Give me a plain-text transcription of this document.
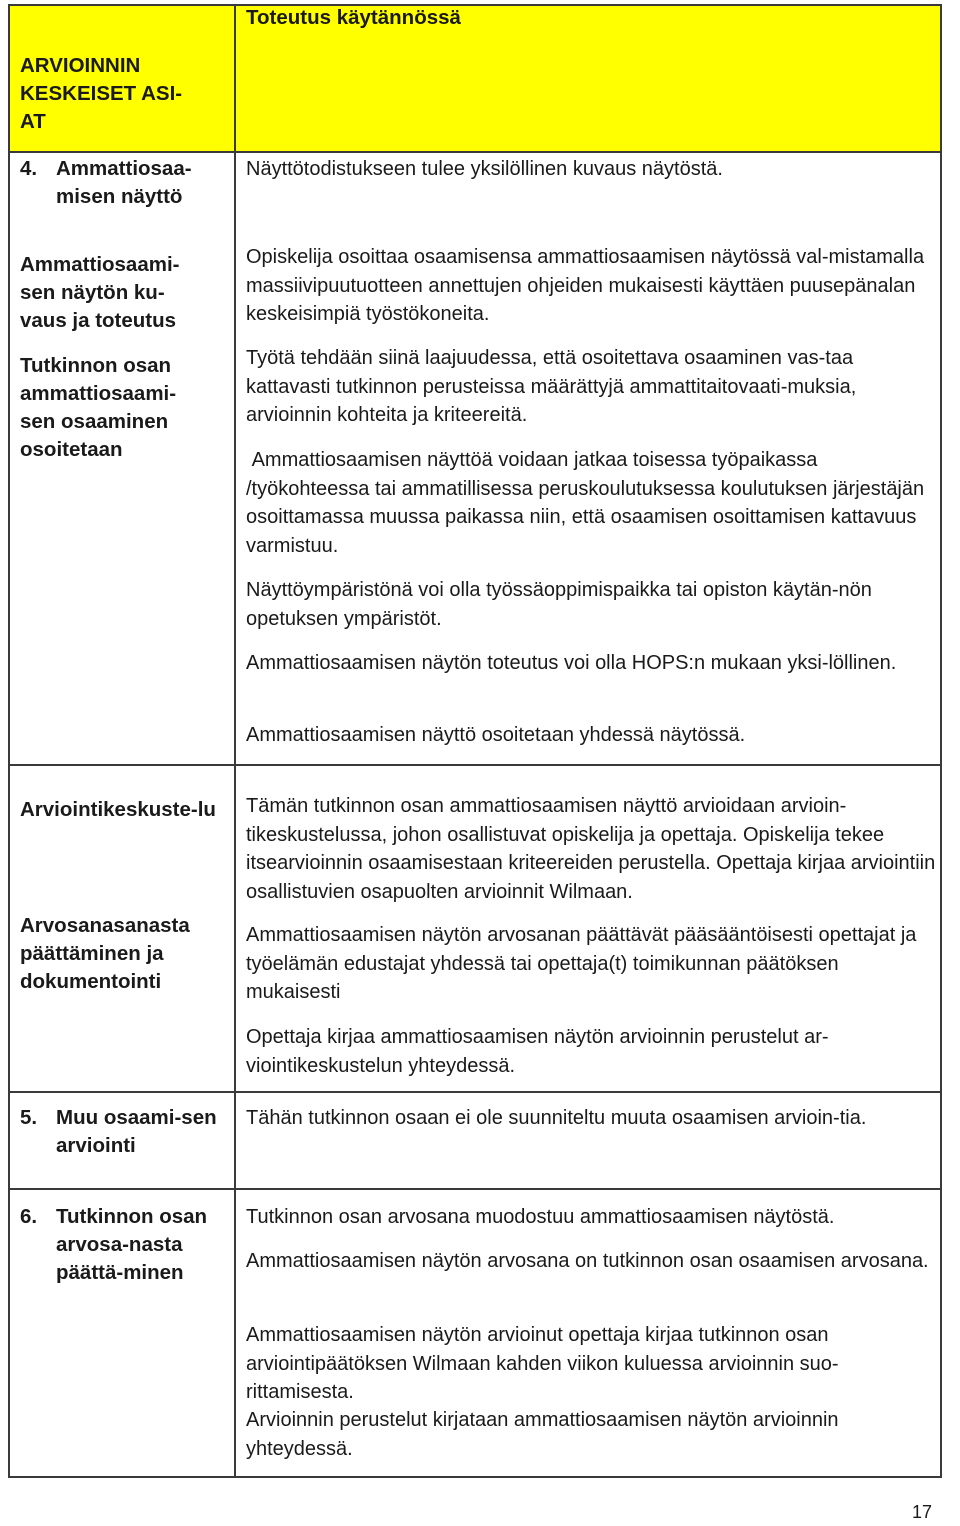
Toteutus käytännössä
ARVIOINNIN KESKEISET ASI-AT
4. Ammattiosaa-misen näyttö
Näyttötodistukseen tulee yksilöllinen kuvaus näytöstä.
Ammattiosaami-sen näytön ku-vaus ja toteutus
Tutkinnon osan ammattiosaami-sen osaaminen osoitetaan
Opiskelija osoittaa osaamisensa ammattiosaamisen näytössä val-mistamalla massiivipuutuotteen annettujen ohjeiden mukaisesti käyttäen puusepänalan keskeisimpiä työstökoneita.
Työtä tehdään siinä laajuudessa, että osoitettava osaaminen vas-taa kattavasti tutkinnon perusteissa määrättyjä ammattitaitovaati-muksia, arvioinnin kohteita ja kriteereitä.
Ammattiosaamisen näyttöä voidaan jatkaa toisessa työpaikassa /työkohteessa tai ammatillisessa peruskoulutuksessa koulutuksen järjestäjän osoittamassa muussa paikassa niin, että osaamisen osoittamisen kattavuus varmistuu.
Näyttöympäristönä voi olla työssäoppimispaikka tai opiston käytän-nön opetuksen ympäristöt.
Ammattiosaamisen näytön toteutus voi olla HOPS:n mukaan yksi-löllinen.
Ammattiosaamisen näyttö osoitetaan yhdessä näytössä.
Arviointikeskuste-lu
Arvosanasanasta päättäminen ja dokumentointi
Tämän tutkinnon osan ammattiosaamisen näyttö arvioidaan arvioin-tikeskustelussa, johon osallistuvat opiskelija ja opettaja. Opiskelija tekee itsearvioinnin osaamisestaan kriteereiden perustella. Opettaja kirjaa arviointiin osallistuvien osapuolten arvioinnit Wilmaan.
Ammattiosaamisen näytön arvosanan päättävät pääsääntöisesti opettajat ja työelämän edustajat yhdessä tai opettaja(t) toimikunnan päätöksen mukaisesti
Opettaja kirjaa ammattiosaamisen näytön arvioinnin perustelut ar-viointikeskustelun yhteydessä.
5. Muu osaami-sen arviointi
Tähän tutkinnon osaan ei ole suunniteltu muuta osaamisen arvioin-tia.
6. Tutkinnon osan arvosa-nasta päättä-minen
Tutkinnon osan arvosana muodostuu ammattiosaamisen näytöstä.
Ammattiosaamisen näytön arvosana on tutkinnon osan osaamisen arvosana.
Ammattiosaamisen näytön arvioinut opettaja kirjaa tutkinnon osan arviointipäätöksen Wilmaan kahden viikon kuluessa arvioinnin suo-rittamisesta.
Arvioinnin perustelut kirjataan ammattiosaamisen näytön arvioinnin yhteydessä.
17
